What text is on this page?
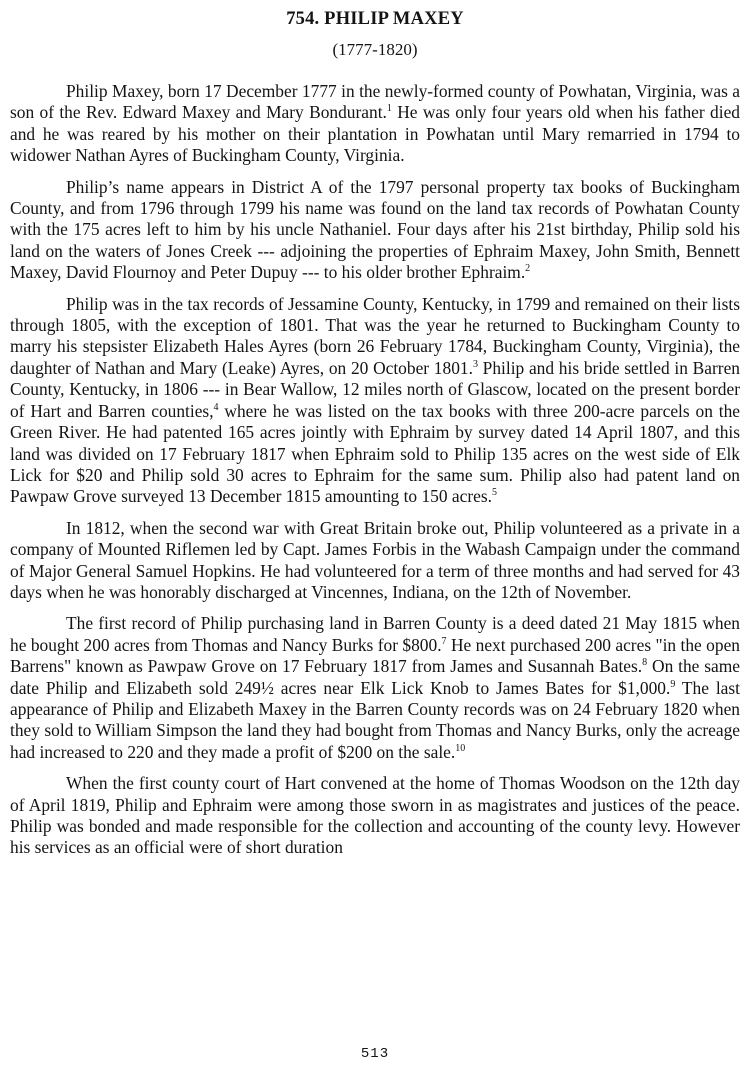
754. PHILIP MAXEY
(1777-1820)

Philip Maxey, born 17 December 1777 in the newly-formed county of Powhatan, Virginia, was a son of the Rev. Edward Maxey and Mary Bondurant.$^1$ He was only four years old when his father died and he was reared by his mother on their plantation in Powhatan until Mary remarried in 1794 to widower Nathan Ayres of Buckingham County, Virginia.

Philip’s name appears in District A of the 1797 personal property tax books of Buckingham County, and from 1796 through 1799 his name was found on the land tax records of Powhatan County with the 175 acres left to him by his uncle Nathaniel. Four days after his 21st birthday, Philip sold his land on the waters of Jones Creek --- adjoining the properties of Ephraim Maxey, John Smith, Bennett Maxey, David Flournoy and Peter Dupuy --- to his older brother Ephraim.$^2$

Philip was in the tax records of Jessamine County, Kentucky, in 1799 and remained on their lists through 1805, with the exception of 1801. That was the year he returned to Buckingham County to marry his stepsister Elizabeth Hales Ayres (born 26 February 1784, Buckingham County, Virginia), the daughter of Nathan and Mary (Leake) Ayres, on 20 October 1801.$^3$ Philip and his bride settled in Barren County, Kentucky, in 1806 --- in Bear Wallow, 12 miles north of Glascow, located on the present border of Hart and Barren counties,$^4$ where he was listed on the tax books with three 200-acre parcels on the Green River. He had patented 165 acres jointly with Ephraim by survey dated 14 April 1807, and this land was divided on 17 February 1817 when Ephraim sold to Philip 135 acres on the west side of Elk Lick for $20 and Philip sold 30 acres to Ephraim for the same sum. Philip also had patent land on Pawpaw Grove surveyed 13 December 1815 amounting to 150 acres.$^5$

In 1812, when the second war with Great Britain broke out, Philip volunteered as a private in a company of Mounted Riflemen led by Capt. James Forbis in the Wabash Campaign under the command of Major General Samuel Hopkins. He had volunteered for a term of three months and had served for 43 days when he was honorably discharged at Vincennes, Indiana, on the 12th of November.

The first record of Philip purchasing land in Barren County is a deed dated 21 May 1815 when he bought 200 acres from Thomas and Nancy Burks for $800.$^7$ He next purchased 200 acres "in the open Barrens" known as Pawpaw Grove on 17 February 1817 from James and Susannah Bates.$^8$ On the same date Philip and Elizabeth sold 249½ acres near Elk Lick Knob to James Bates for $1,000.$^9$ The last appearance of Philip and Elizabeth Maxey in the Barren County records was on 24 February 1820 when they sold to William Simpson the land they had bought from Thomas and Nancy Burks, only the acreage had increased to 220 and they made a profit of $200 on the sale.$^{10}$

When the first county court of Hart convened at the home of Thomas Woodson on the 12th day of April 1819, Philip and Ephraim were among those sworn in as magistrates and justices of the peace. Philip was bonded and made responsible for the collection and accounting of the county levy. However his services as an official were of short duration

513
